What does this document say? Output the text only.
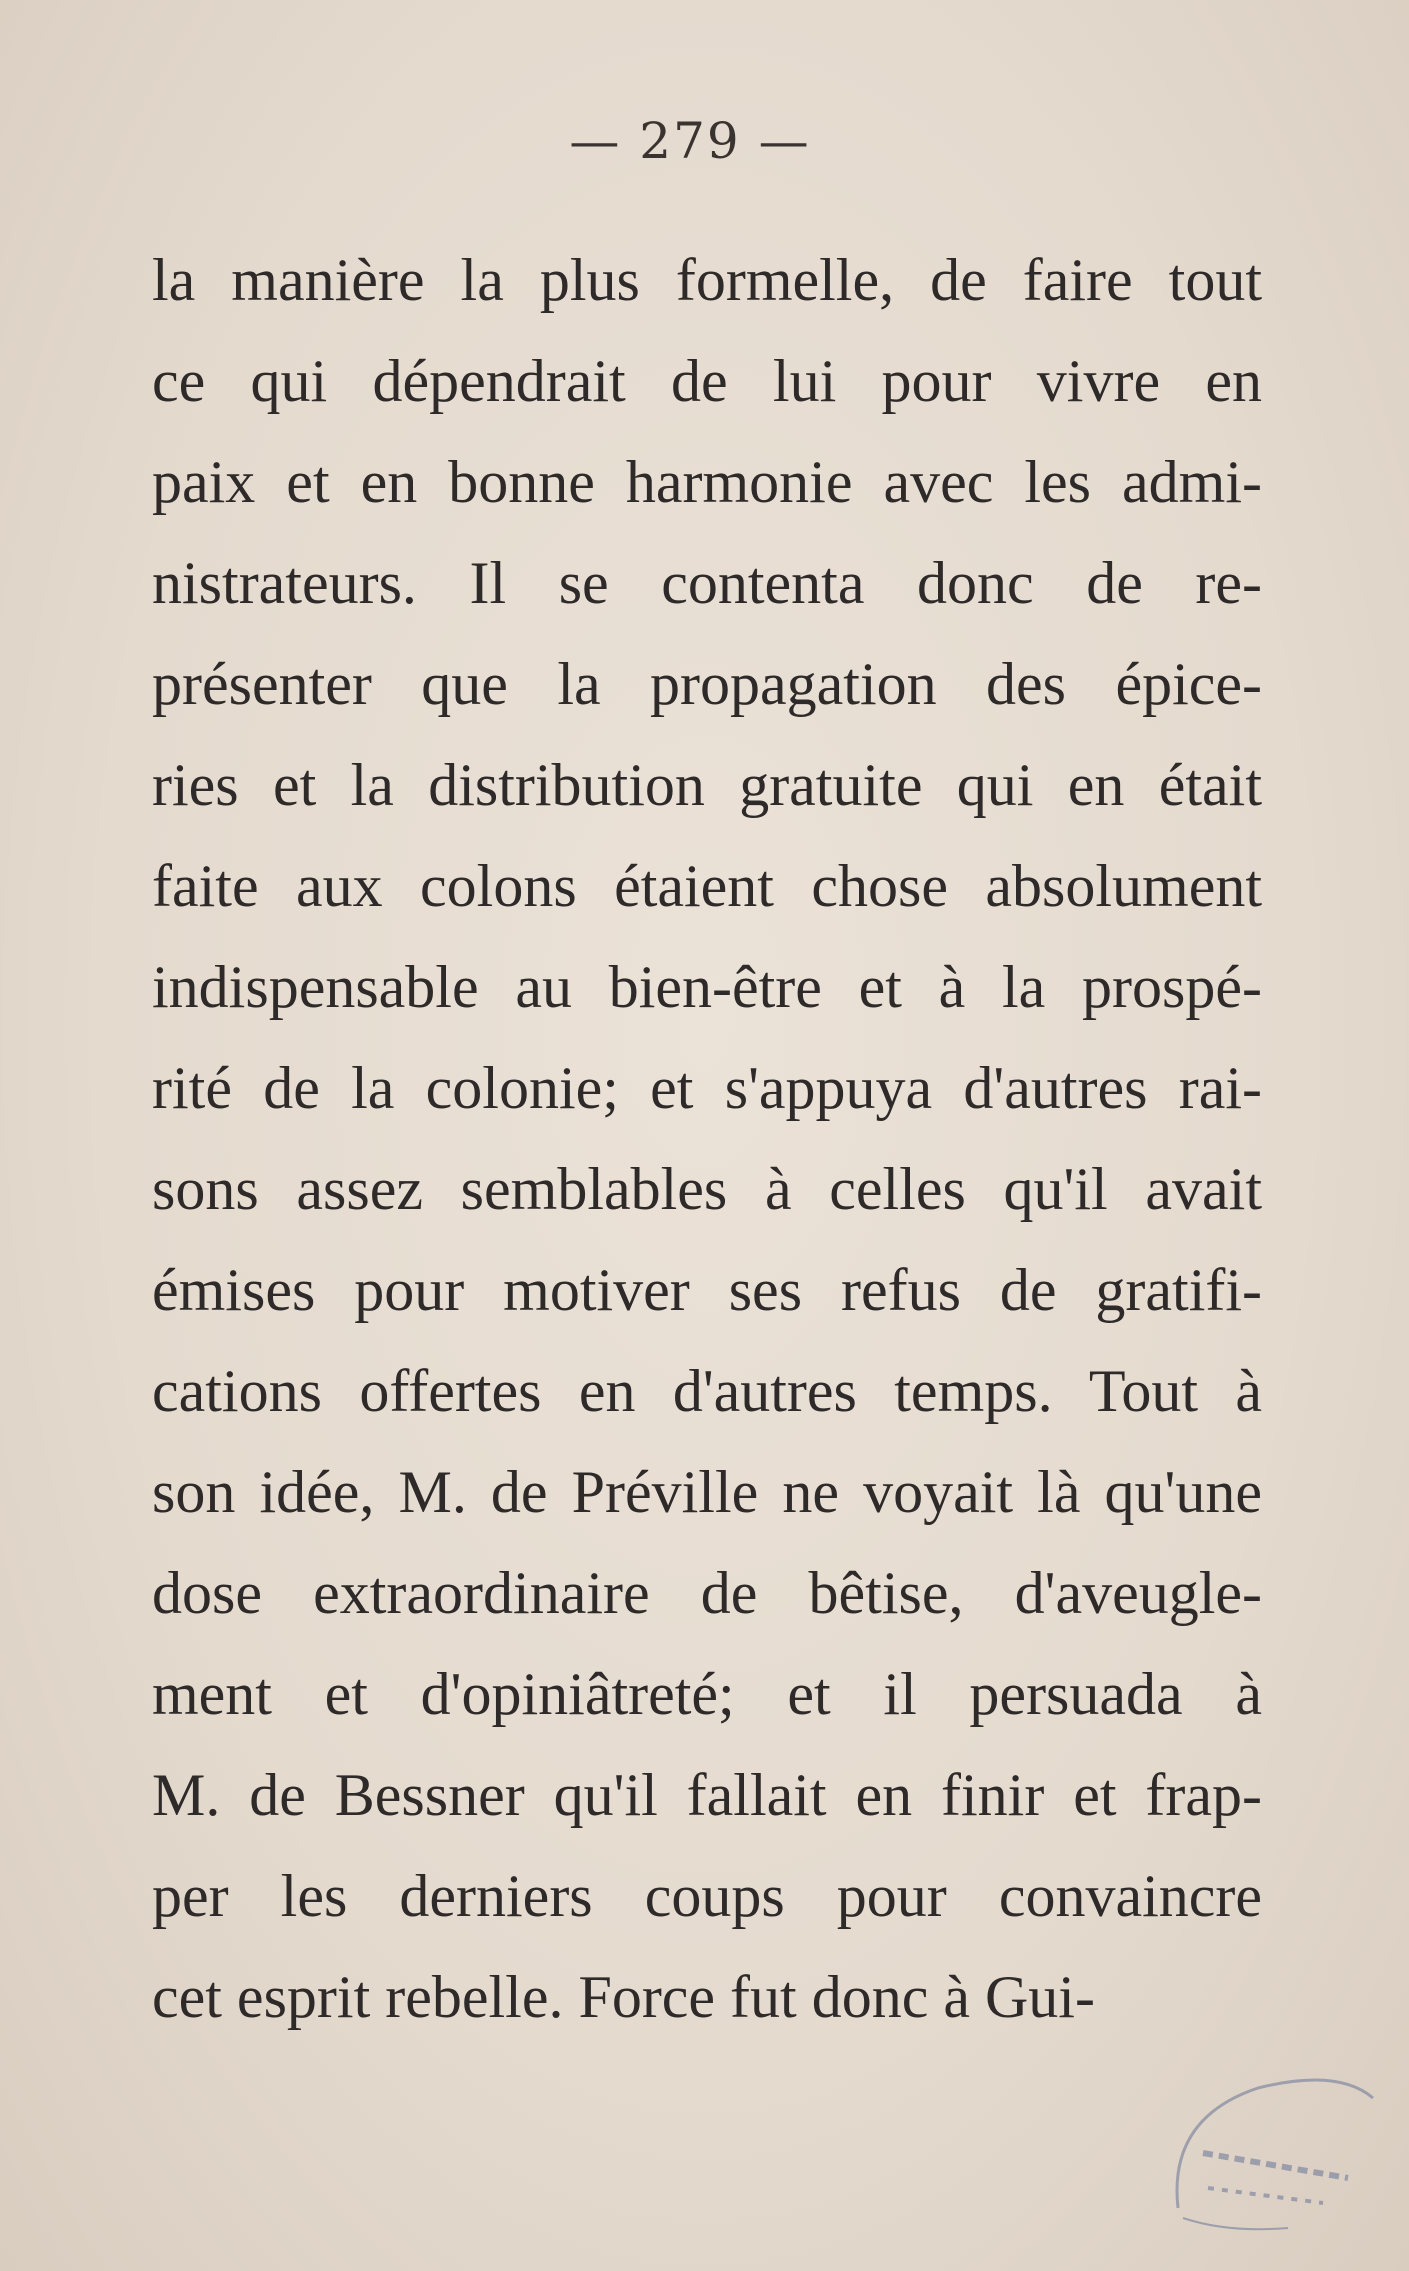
— 279 —
la manière la plus formelle, de faire tout
ce qui dépendrait de lui pour vivre en
paix et en bonne harmonie avec les admi-
nistrateurs. Il se contenta donc de re-
présenter que la propagation des épice-
ries et la distribution gratuite qui en était
faite aux colons étaient chose absolument
indispensable au bien-être et à la prospé-
rité de la colonie; et s'appuya d'autres rai-
sons assez semblables à celles qu'il avait
émises pour motiver ses refus de gratifi-
cations offertes en d'autres temps. Tout à
son idée, M. de Préville ne voyait là qu'une
dose extraordinaire de bêtise, d'aveugle-
ment et d'opiniâtreté; et il persuada à
M. de Bessner qu'il fallait en finir et frap-
per les derniers coups pour convaincre
cet esprit rebelle. Force fut donc à Gui-
